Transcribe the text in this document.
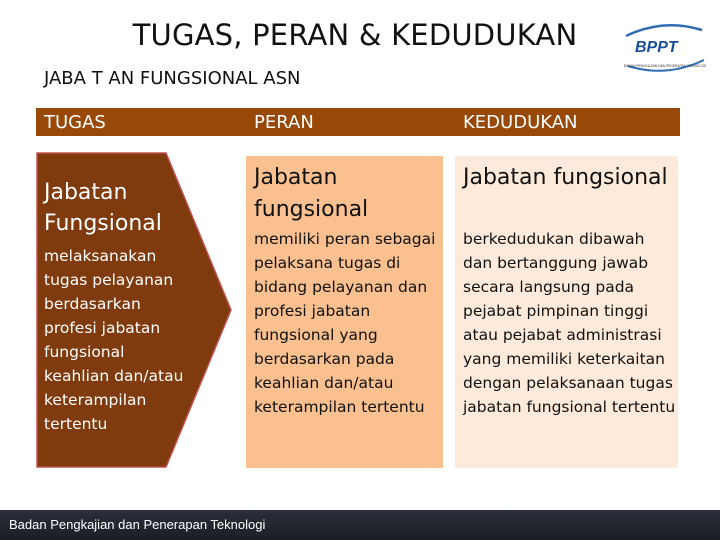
TUGAS, PERAN & KEDUDUKAN	BPPT
BADAN PENGKAJIAN DAN PENERAPAN TEKNOLOGI
JABA T AN FUNGSIONAL ASN
TUGAS	PERAN	KEDUDUKAN
Jabatan Fungsional
melaksanakan tugas pelayanan berdasarkan profesi jabatan fungsional keahlian dan/atau keterampilan tertentu
Jabatan fungsional
memiliki peran sebagai pelaksana tugas di bidang pelayanan dan profesi jabatan fungsional yang berdasarkan pada keahlian dan/atau keterampilan tertentu
Jabatan fungsional
berkedudukan dibawah dan bertanggung jawab secara langsung pada pejabat pimpinan tinggi atau pejabat administrasi yang memiliki keterkaitan dengan pelaksanaan tugas jabatan fungsional tertentu
Badan Pengkajian dan Penerapan Teknologi
